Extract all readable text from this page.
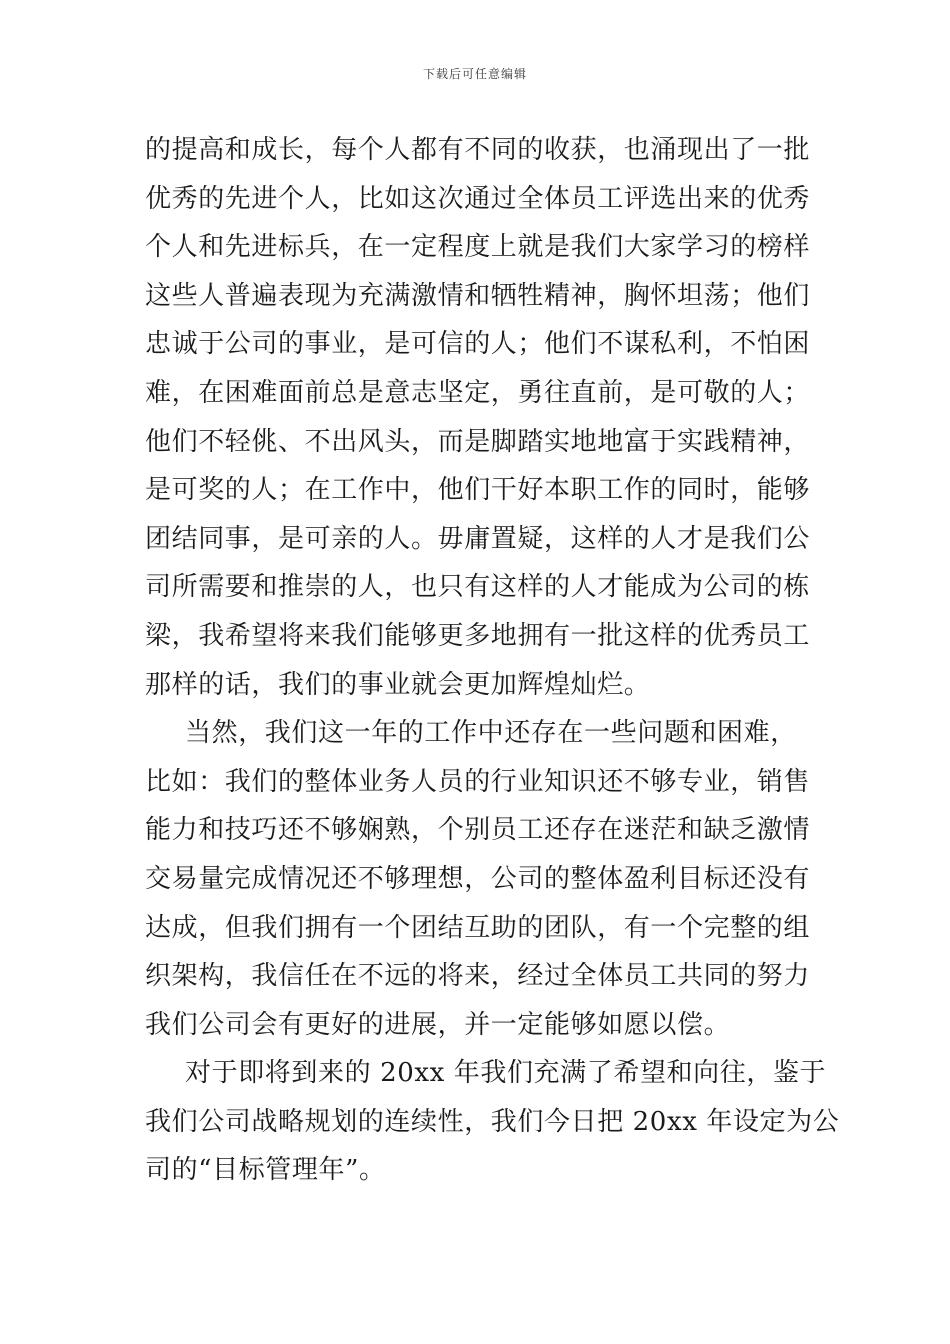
下载后可任意编辑
的提高和成长，每个人都有不同的收获，也涌现出了一批
优秀的先进个人，比如这次通过全体员工评选出来的优秀
个人和先进标兵，在一定程度上就是我们大家学习的榜样
这些人普遍表现为充满激情和牺牲精神，胸怀坦荡；他们
忠诚于公司的事业，是可信的人；他们不谋私利，不怕困
难，在困难面前总是意志坚定，勇往直前，是可敬的人；
他们不轻佻、不出风头，而是脚踏实地地富于实践精神，
是可奖的人；在工作中，他们干好本职工作的同时，能够
团结同事，是可亲的人。毋庸置疑，这样的人才是我们公
司所需要和推崇的人，也只有这样的人才能成为公司的栋
梁，我希望将来我们能够更多地拥有一批这样的优秀员工
那样的话，我们的事业就会更加辉煌灿烂。
当然，我们这一年的工作中还存在一些问题和困难，
比如：我们的整体业务人员的行业知识还不够专业，销售
能力和技巧还不够娴熟，个别员工还存在迷茫和缺乏激情
交易量完成情况还不够理想，公司的整体盈利目标还没有
达成，但我们拥有一个团结互助的团队，有一个完整的组
织架构，我信任在不远的将来，经过全体员工共同的努力
我们公司会有更好的进展，并一定能够如愿以偿。
对于即将到来的 20xx 年我们充满了希望和向往，鉴于
我们公司战略规划的连续性，我们今日把 20xx 年设定为公
司的“目标管理年”。
